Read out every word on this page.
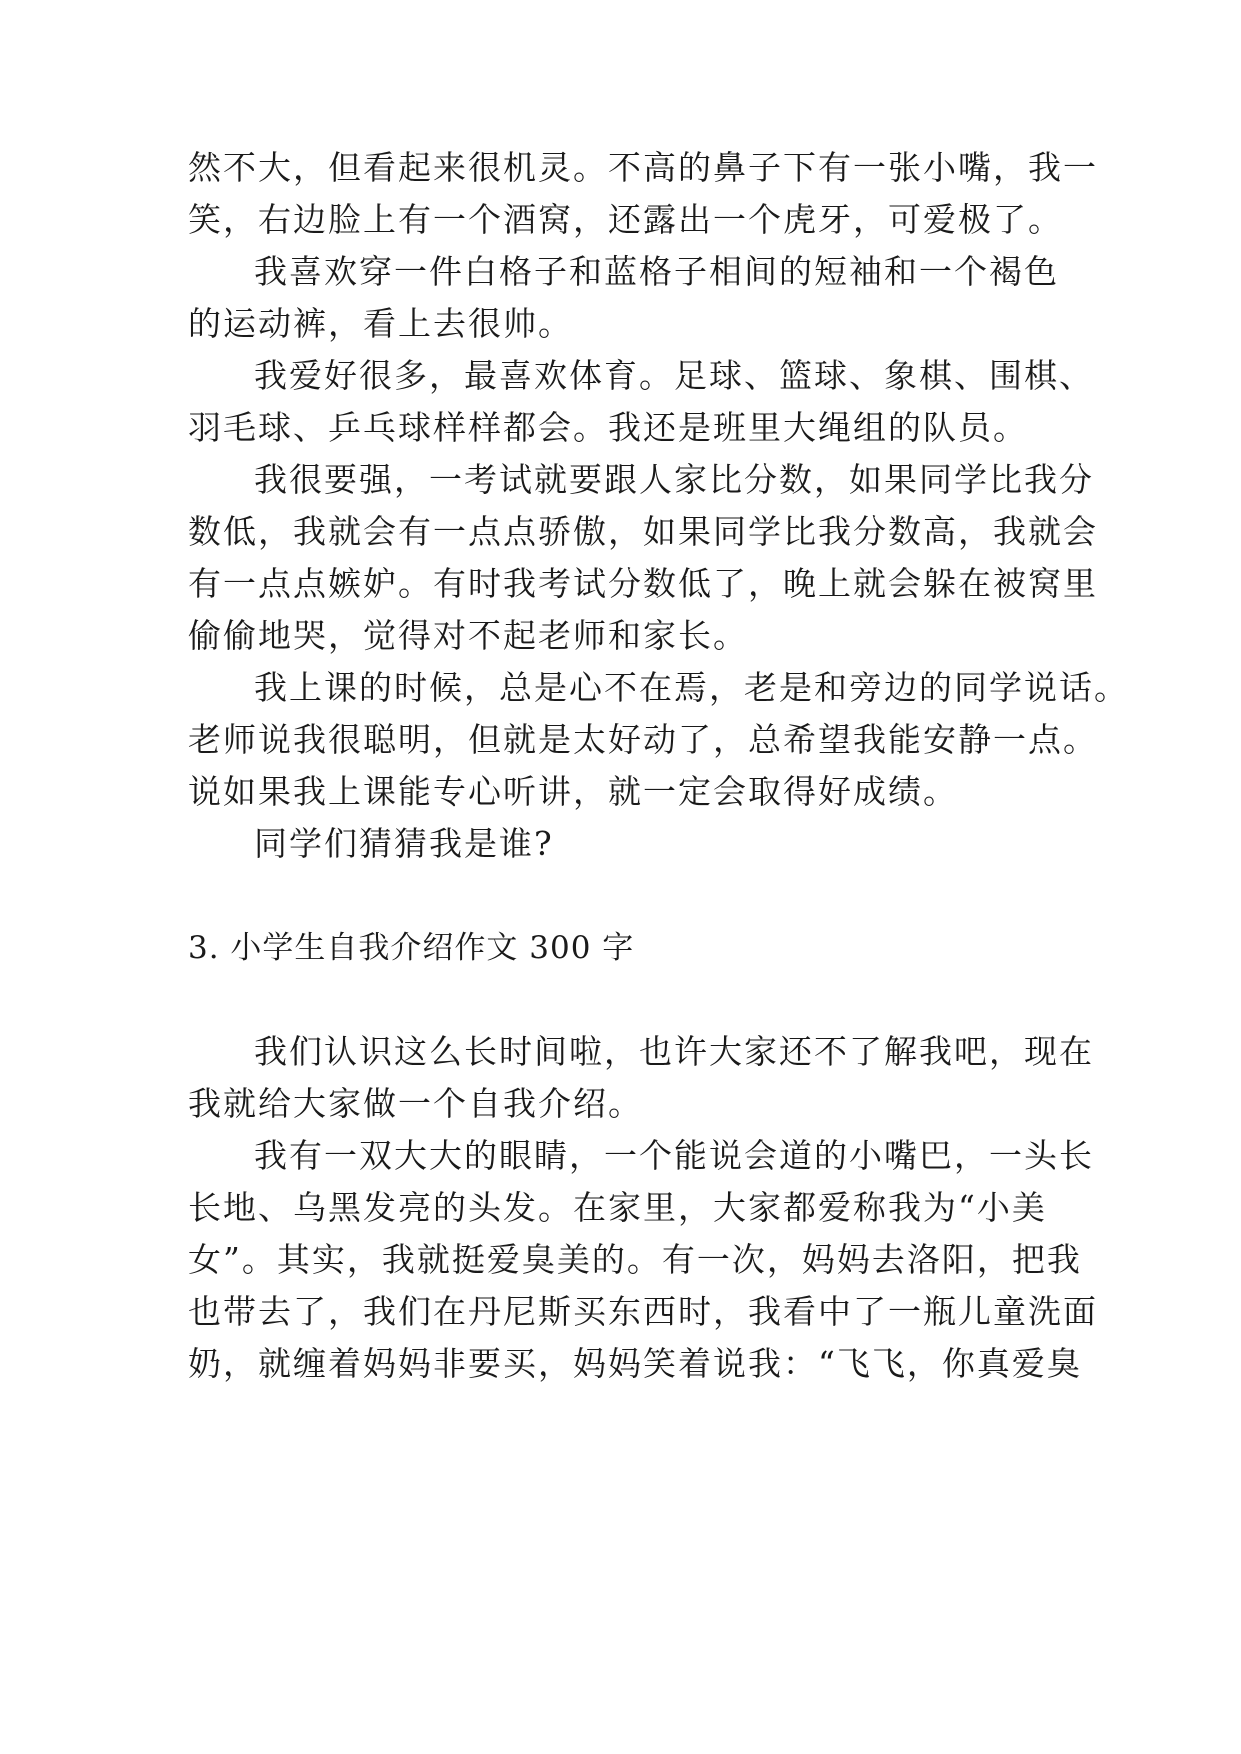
然不大，但看起来很机灵。不高的鼻子下有一张小嘴，我一

笑，右边脸上有一个酒窝，还露出一个虎牙，可爱极了。

我喜欢穿一件白格子和蓝格子相间的短袖和一个褐色

的运动裤，看上去很帅。

我爱好很多，最喜欢体育。足球、篮球、象棋、围棋、

羽毛球、乒乓球样样都会。我还是班里大绳组的队员。

我很要强，一考试就要跟人家比分数，如果同学比我分

数低，我就会有一点点骄傲，如果同学比我分数高，我就会

有一点点嫉妒。有时我考试分数低了，晚上就会躲在被窝里

偷偷地哭，觉得对不起老师和家长。

我上课的时候，总是心不在焉，老是和旁边的同学说话。

老师说我很聪明，但就是太好动了，总希望我能安静一点。

说如果我上课能专心听讲，就一定会取得好成绩。

同学们猜猜我是谁?

3. 小学生自我介绍作文 300 字

我们认识这么长时间啦，也许大家还不了解我吧，现在

我就给大家做一个自我介绍。

我有一双大大的眼睛，一个能说会道的小嘴巴，一头长

长地、乌黑发亮的头发。在家里，大家都爱称我为“小美

女”。其实，我就挺爱臭美的。有一次，妈妈去洛阳，把我

也带去了，我们在丹尼斯买东西时，我看中了一瓶儿童洗面

奶，就缠着妈妈非要买，妈妈笑着说我：“飞飞，你真爱臭
